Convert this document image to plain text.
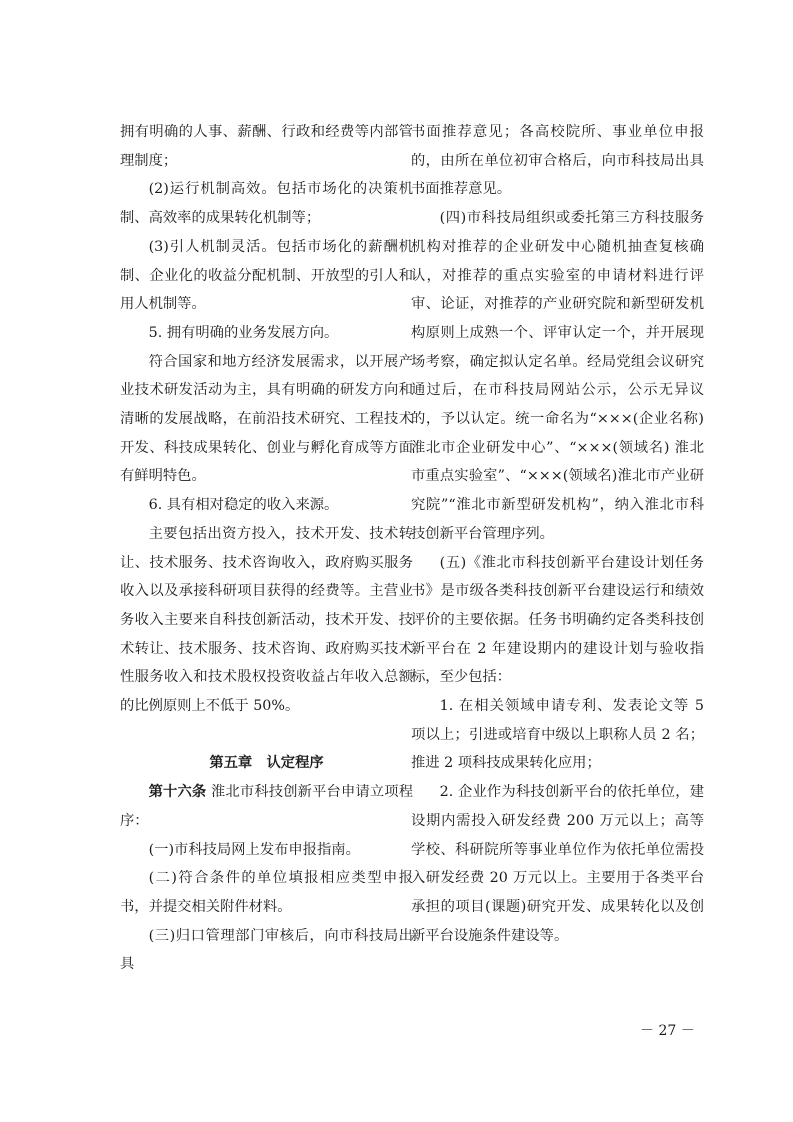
拥有明确的人事、薪酬、行政和经费等内部管理制度；

(2)运行机制高效。包括市场化的决策机制、高效率的成果转化机制等；

(3)引人机制灵活。包括市场化的薪酬机制、企业化的收益分配机制、开放型的引人和用人机制等。

5. 拥有明确的业务发展方向。

符合国家和地方经济发展需求，以开展产业技术研发活动为主，具有明确的研发方向和清晰的发展战略，在前沿技术研究、工程技术开发、科技成果转化、创业与孵化育成等方面有鲜明特色。

6. 具有相对稳定的收入来源。

主要包括出资方投入，技术开发、技术转让、技术服务、技术咨询收入，政府购买服务收入以及承接科研项目获得的经费等。主营业务收入主要来自科技创新活动，技术开发、技术转让、技术服务、技术咨询、政府购买技术性服务收入和技术股权投资收益占年收入总额的比例原则上不低于 50%。

第五章　认定程序

第十六条 淮北市科技创新平台申请立项程序：

(一)市科技局网上发布申报指南。

(二)符合条件的单位填报相应类型申报书，并提交相关附件材料。

(三)归口管理部门审核后，向市科技局出具

书面推荐意见；各高校院所、事业单位申报的，由所在单位初审合格后，向市科技局出具书面推荐意见。

(四)市科技局组织或委托第三方科技服务机构对推荐的企业研发中心随机抽查复核确认，对推荐的重点实验室的申请材料进行评审、论证，对推荐的产业研究院和新型研发机构原则上成熟一个、评审认定一个，并开展现场考察，确定拟认定名单。经局党组会议研究通过后，在市科技局网站公示，公示无异议的，予以认定。统一命名为“×××(企业名称)淮北市企业研发中心”、“×××(领域名) 淮北市重点实验室”、“×××(领域名)淮北市产业研究院”“淮北市新型研发机构”，纳入淮北市科技创新平台管理序列。

(五)《淮北市科技创新平台建设计划任务书》是市级各类科技创新平台建设运行和绩效评价的主要依据。任务书明确约定各类科技创新平台在 2 年建设期内的建设计划与验收指标，至少包括：

1. 在相关领域申请专利、发表论文等 5 项以上；引进或培育中级以上职称人员 2 名；推进 2 项科技成果转化应用；

2. 企业作为科技创新平台的依托单位，建设期内需投入研发经费 200 万元以上；高等学校、科研院所等事业单位作为依托单位需投入研发经费 20 万元以上。主要用于各类平台承担的项目(课题)研究开发、成果转化以及创新平台设施条件建设等。

－ 27 －
